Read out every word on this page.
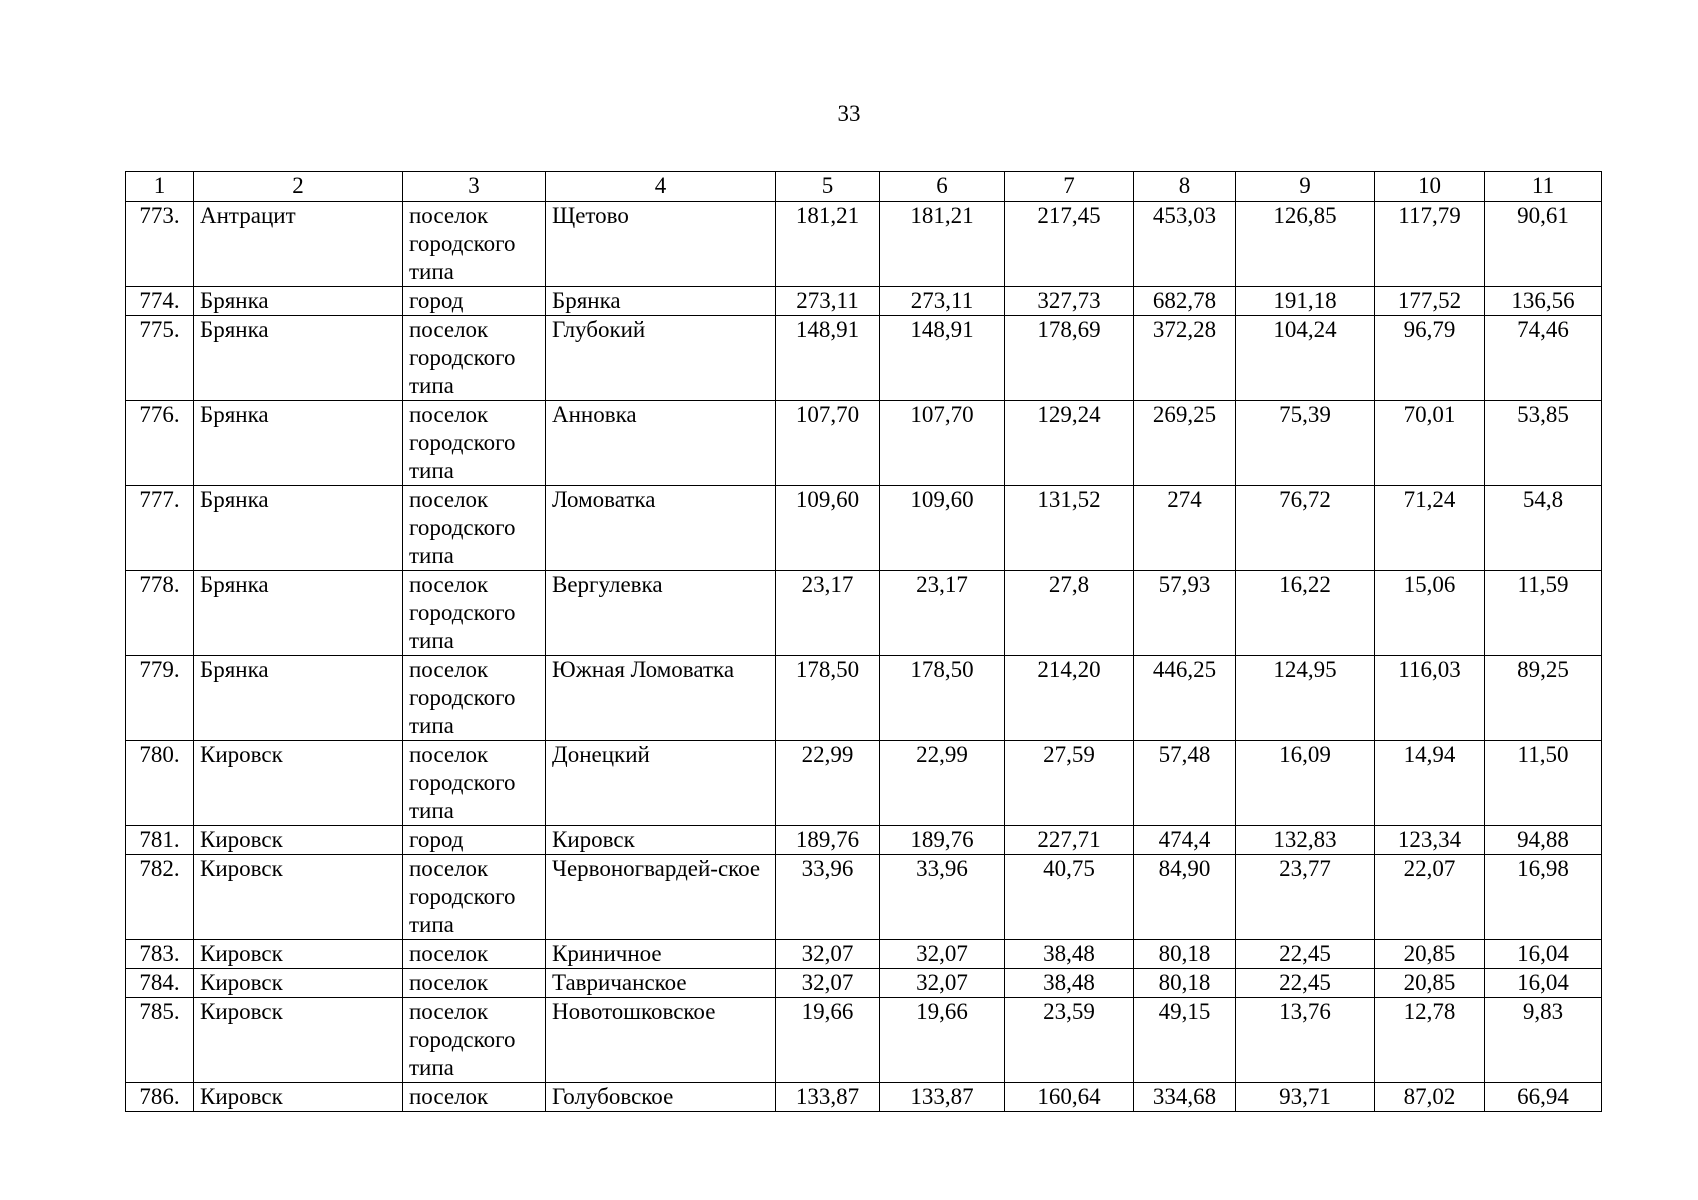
33
1	2	3	4	5	6	7	8	9	10	11
773.	Антрацит	поселок городского типа	Щетово	181,21	181,21	217,45	453,03	126,85	117,79	90,61
774.	Брянка	город	Брянка	273,11	273,11	327,73	682,78	191,18	177,52	136,56
775.	Брянка	поселок городского типа	Глубокий	148,91	148,91	178,69	372,28	104,24	96,79	74,46
776.	Брянка	поселок городского типа	Анновка	107,70	107,70	129,24	269,25	75,39	70,01	53,85
777.	Брянка	поселок городского типа	Ломоватка	109,60	109,60	131,52	274	76,72	71,24	54,8
778.	Брянка	поселок городского типа	Вергулевка	23,17	23,17	27,8	57,93	16,22	15,06	11,59
779.	Брянка	поселок городского типа	Южная Ломоватка	178,50	178,50	214,20	446,25	124,95	116,03	89,25
780.	Кировск	поселок городского типа	Донецкий	22,99	22,99	27,59	57,48	16,09	14,94	11,50
781.	Кировск	город	Кировск	189,76	189,76	227,71	474,4	132,83	123,34	94,88
782.	Кировск	поселок городского типа	Червоногвардей-ское	33,96	33,96	40,75	84,90	23,77	22,07	16,98
783.	Кировск	поселок	Криничное	32,07	32,07	38,48	80,18	22,45	20,85	16,04
784.	Кировск	поселок	Тавричанское	32,07	32,07	38,48	80,18	22,45	20,85	16,04
785.	Кировск	поселок городского типа	Новотошковское	19,66	19,66	23,59	49,15	13,76	12,78	9,83
786.	Кировск	поселок	Голубовское	133,87	133,87	160,64	334,68	93,71	87,02	66,94
